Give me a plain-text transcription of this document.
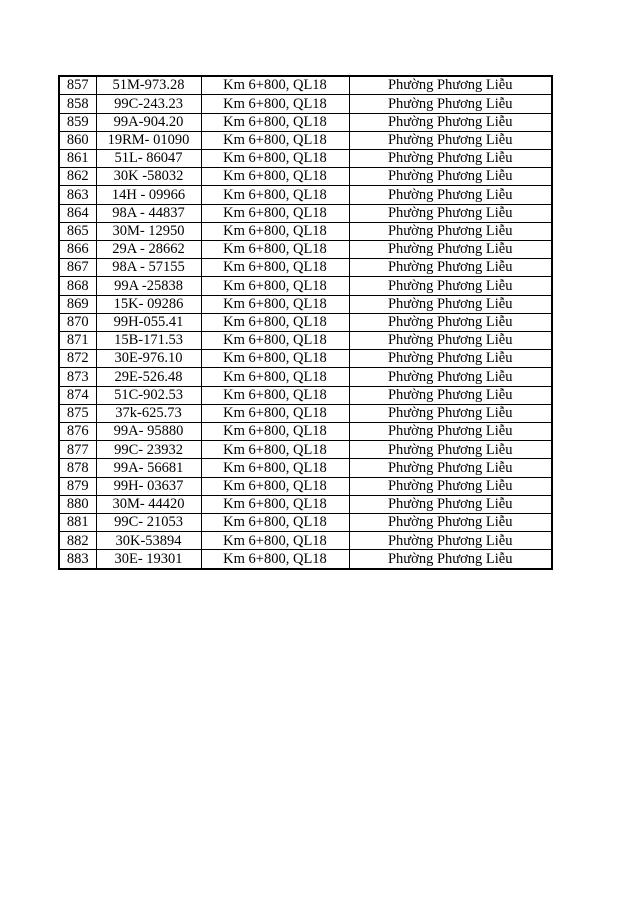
857	51M-973.28	Km 6+800, QL18	Phường Phương Liễu
858	99C-243.23	Km 6+800, QL18	Phường Phương Liễu
859	99A-904.20	Km 6+800, QL18	Phường Phương Liễu
860	19RM- 01090	Km 6+800, QL18	Phường Phương Liễu
861	51L- 86047	Km 6+800, QL18	Phường Phương Liễu
862	30K -58032	Km 6+800, QL18	Phường Phương Liễu
863	14H - 09966	Km 6+800, QL18	Phường Phương Liễu
864	98A - 44837	Km 6+800, QL18	Phường Phương Liễu
865	30M- 12950	Km 6+800, QL18	Phường Phương Liễu
866	29A - 28662	Km 6+800, QL18	Phường Phương Liễu
867	98A - 57155	Km 6+800, QL18	Phường Phương Liễu
868	99A -25838	Km 6+800, QL18	Phường Phương Liễu
869	15K- 09286	Km 6+800, QL18	Phường Phương Liễu
870	99H-055.41	Km 6+800, QL18	Phường Phương Liễu
871	15B-171.53	Km 6+800, QL18	Phường Phương Liễu
872	30E-976.10	Km 6+800, QL18	Phường Phương Liễu
873	29E-526.48	Km 6+800, QL18	Phường Phương Liễu
874	51C-902.53	Km 6+800, QL18	Phường Phương Liễu
875	37k-625.73	Km 6+800, QL18	Phường Phương Liễu
876	99A- 95880	Km 6+800, QL18	Phường Phương Liễu
877	99C- 23932	Km 6+800, QL18	Phường Phương Liễu
878	99A- 56681	Km 6+800, QL18	Phường Phương Liễu
879	99H- 03637	Km 6+800, QL18	Phường Phương Liễu
880	30M- 44420	Km 6+800, QL18	Phường Phương Liễu
881	99C- 21053	Km 6+800, QL18	Phường Phương Liễu
882	30K-53894	Km 6+800, QL18	Phường Phương Liễu
883	30E- 19301	Km 6+800, QL18	Phường Phương Liễu
